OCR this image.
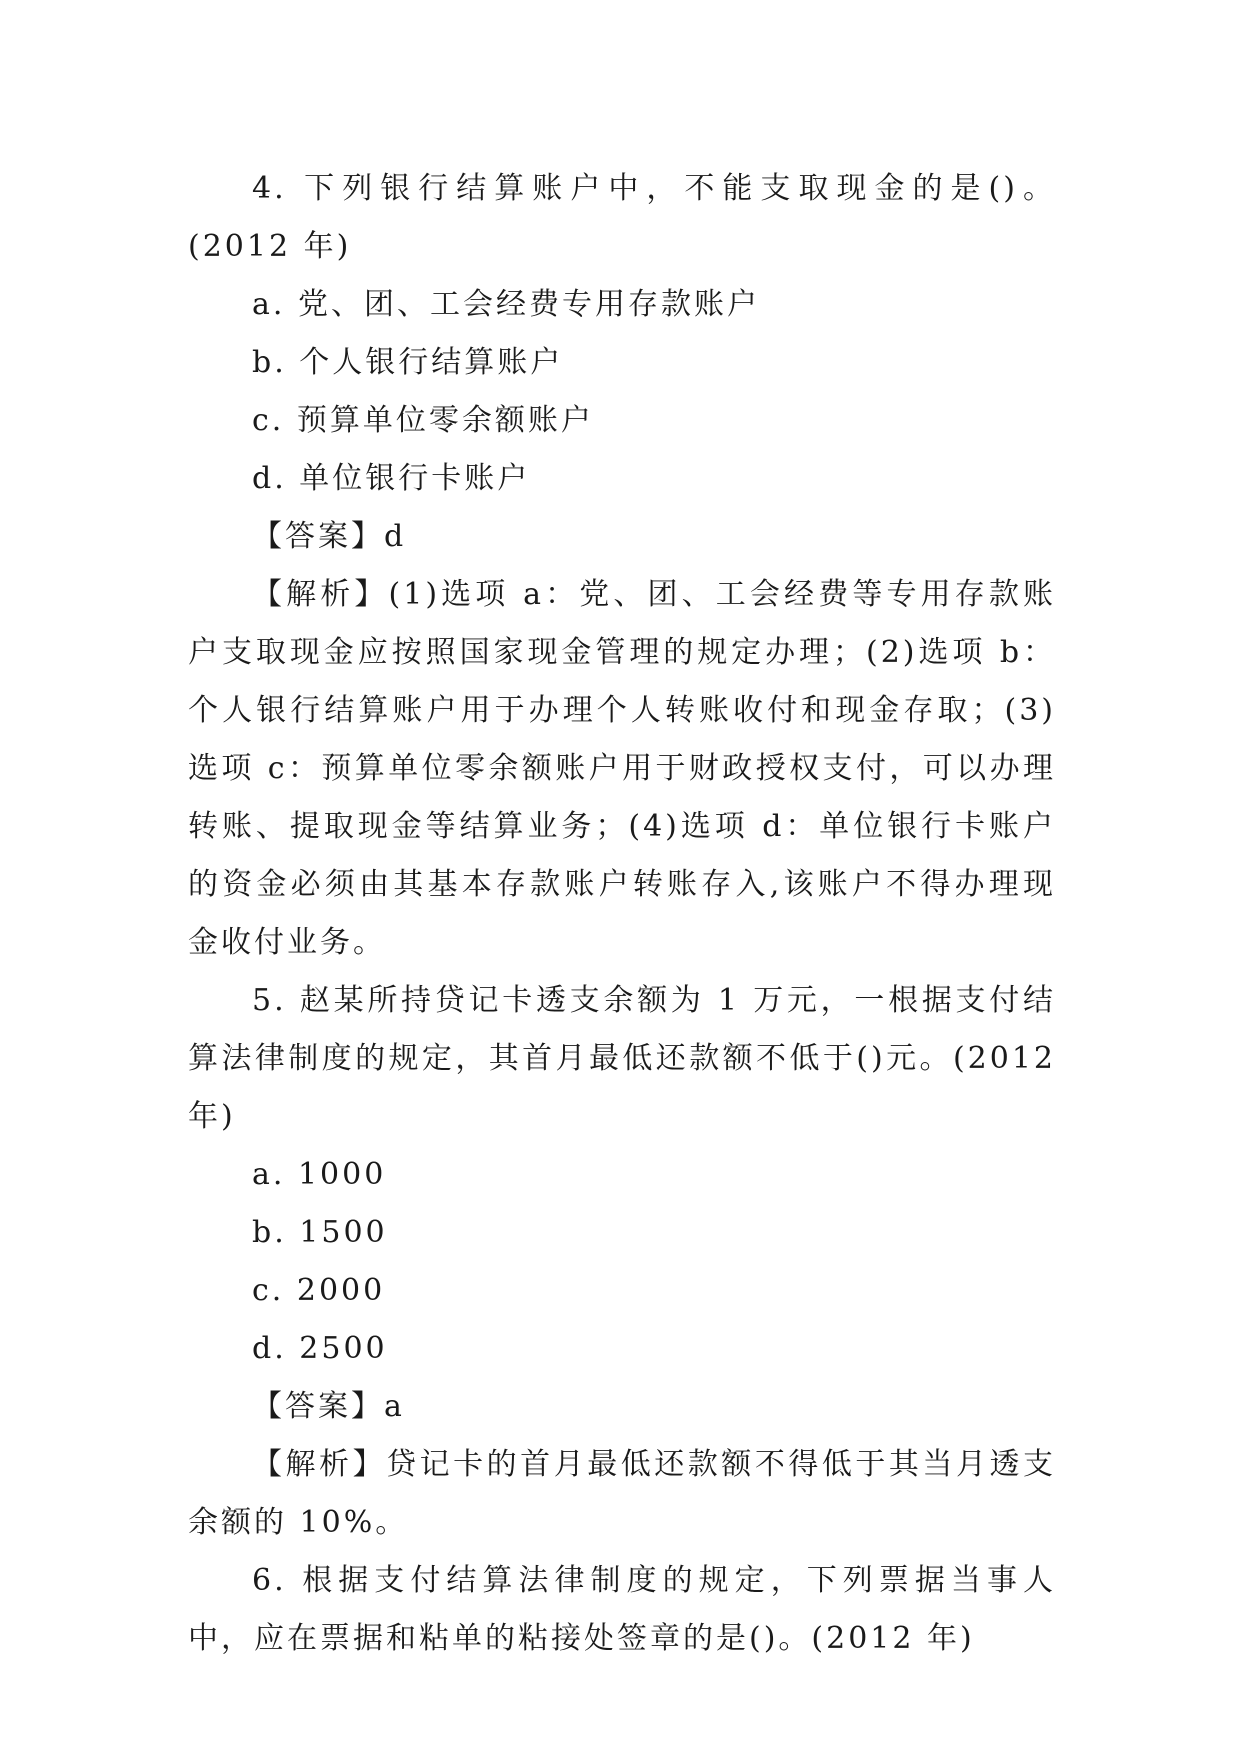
4. 下列银行结算账户中，不能支取现金的是()。(2012 年)

a. 党、团、工会经费专用存款账户

b. 个人银行结算账户

c. 预算单位零余额账户

d. 单位银行卡账户

【答案】d

【解析】(1)选项 a：党、团、工会经费等专用存款账户支取现金应按照国家现金管理的规定办理；(2)选项 b：个人银行结算账户用于办理个人转账收付和现金存取；(3)选项 c：预算单位零余额账户用于财政授权支付，可以办理转账、提取现金等结算业务；(4)选项 d：单位银行卡账户的资金必须由其基本存款账户转账存入,该账户不得办理现金收付业务。

5. 赵某所持贷记卡透支余额为 1 万元，一根据支付结算法律制度的规定，其首月最低还款额不低于()元。(2012 年)

a. 1000

b. 1500

c. 2000

d. 2500

【答案】a

【解析】贷记卡的首月最低还款额不得低于其当月透支余额的 10%。

6. 根据支付结算法律制度的规定，下列票据当事人中，应在票据和粘单的粘接处签章的是()。(2012 年)
